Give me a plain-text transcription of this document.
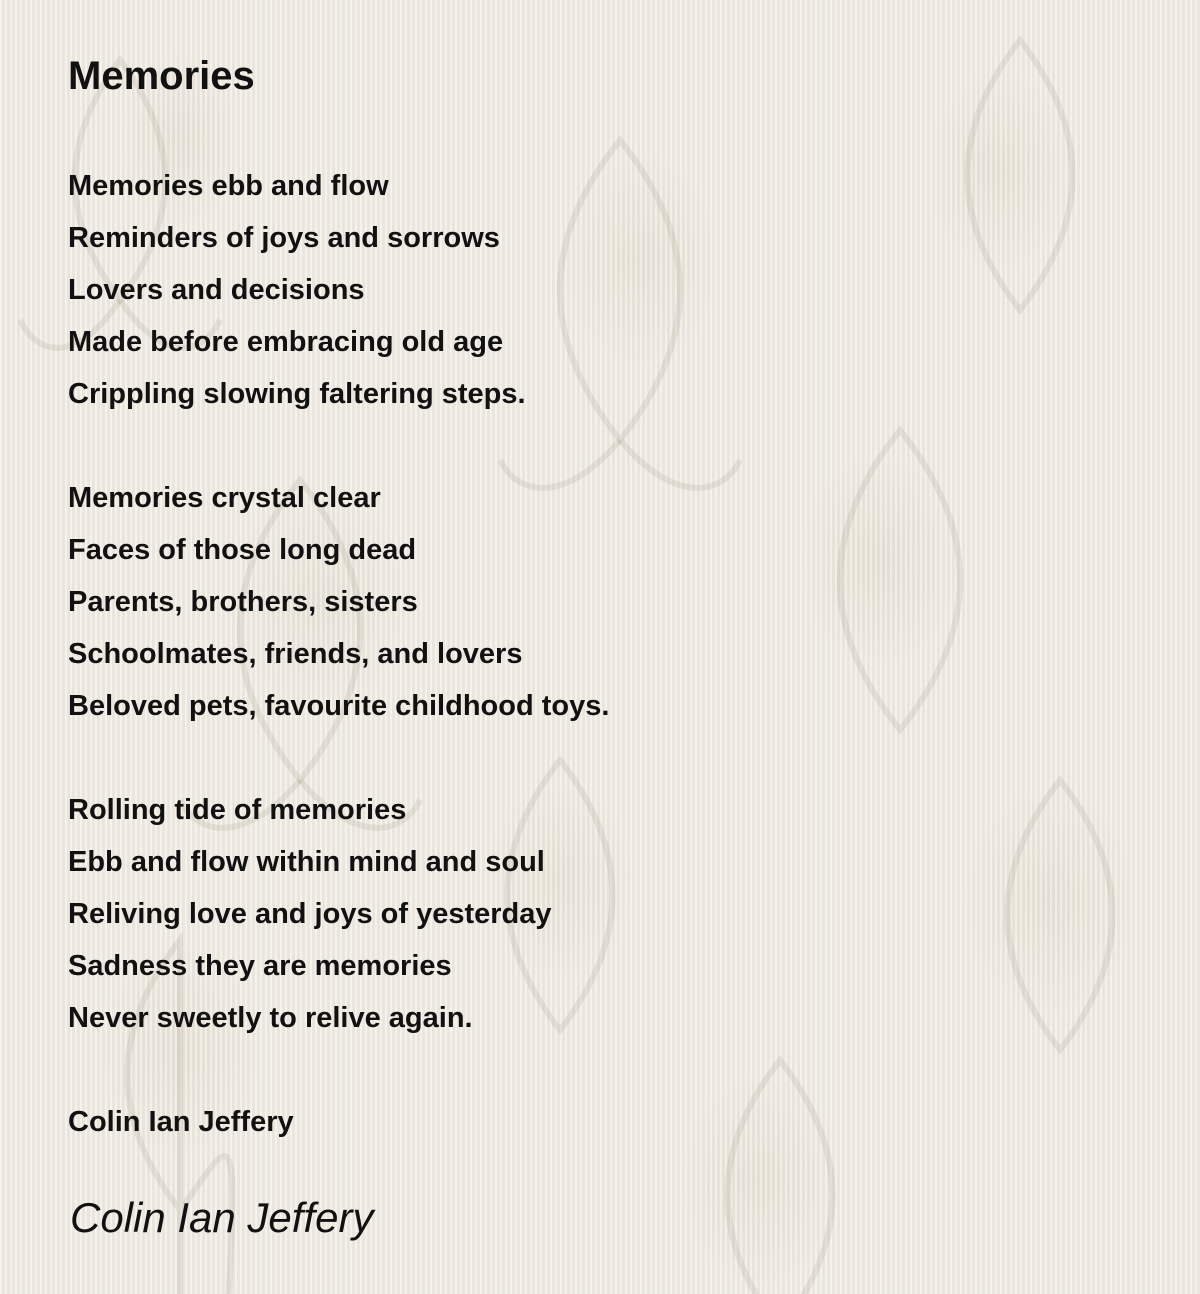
Memories
Memories ebb and flow
Reminders of joys and sorrows
Lovers and decisions
Made before embracing old age
Crippling slowing faltering steps.
Memories crystal clear
Faces of those long dead
Parents, brothers, sisters
Schoolmates, friends, and lovers
Beloved pets, favourite childhood toys.
Rolling tide of memories
Ebb and flow within mind and soul
Reliving love and joys of yesterday
Sadness they are memories
Never sweetly to relive again.
Colin Ian Jeffery
Colin Ian Jeffery
